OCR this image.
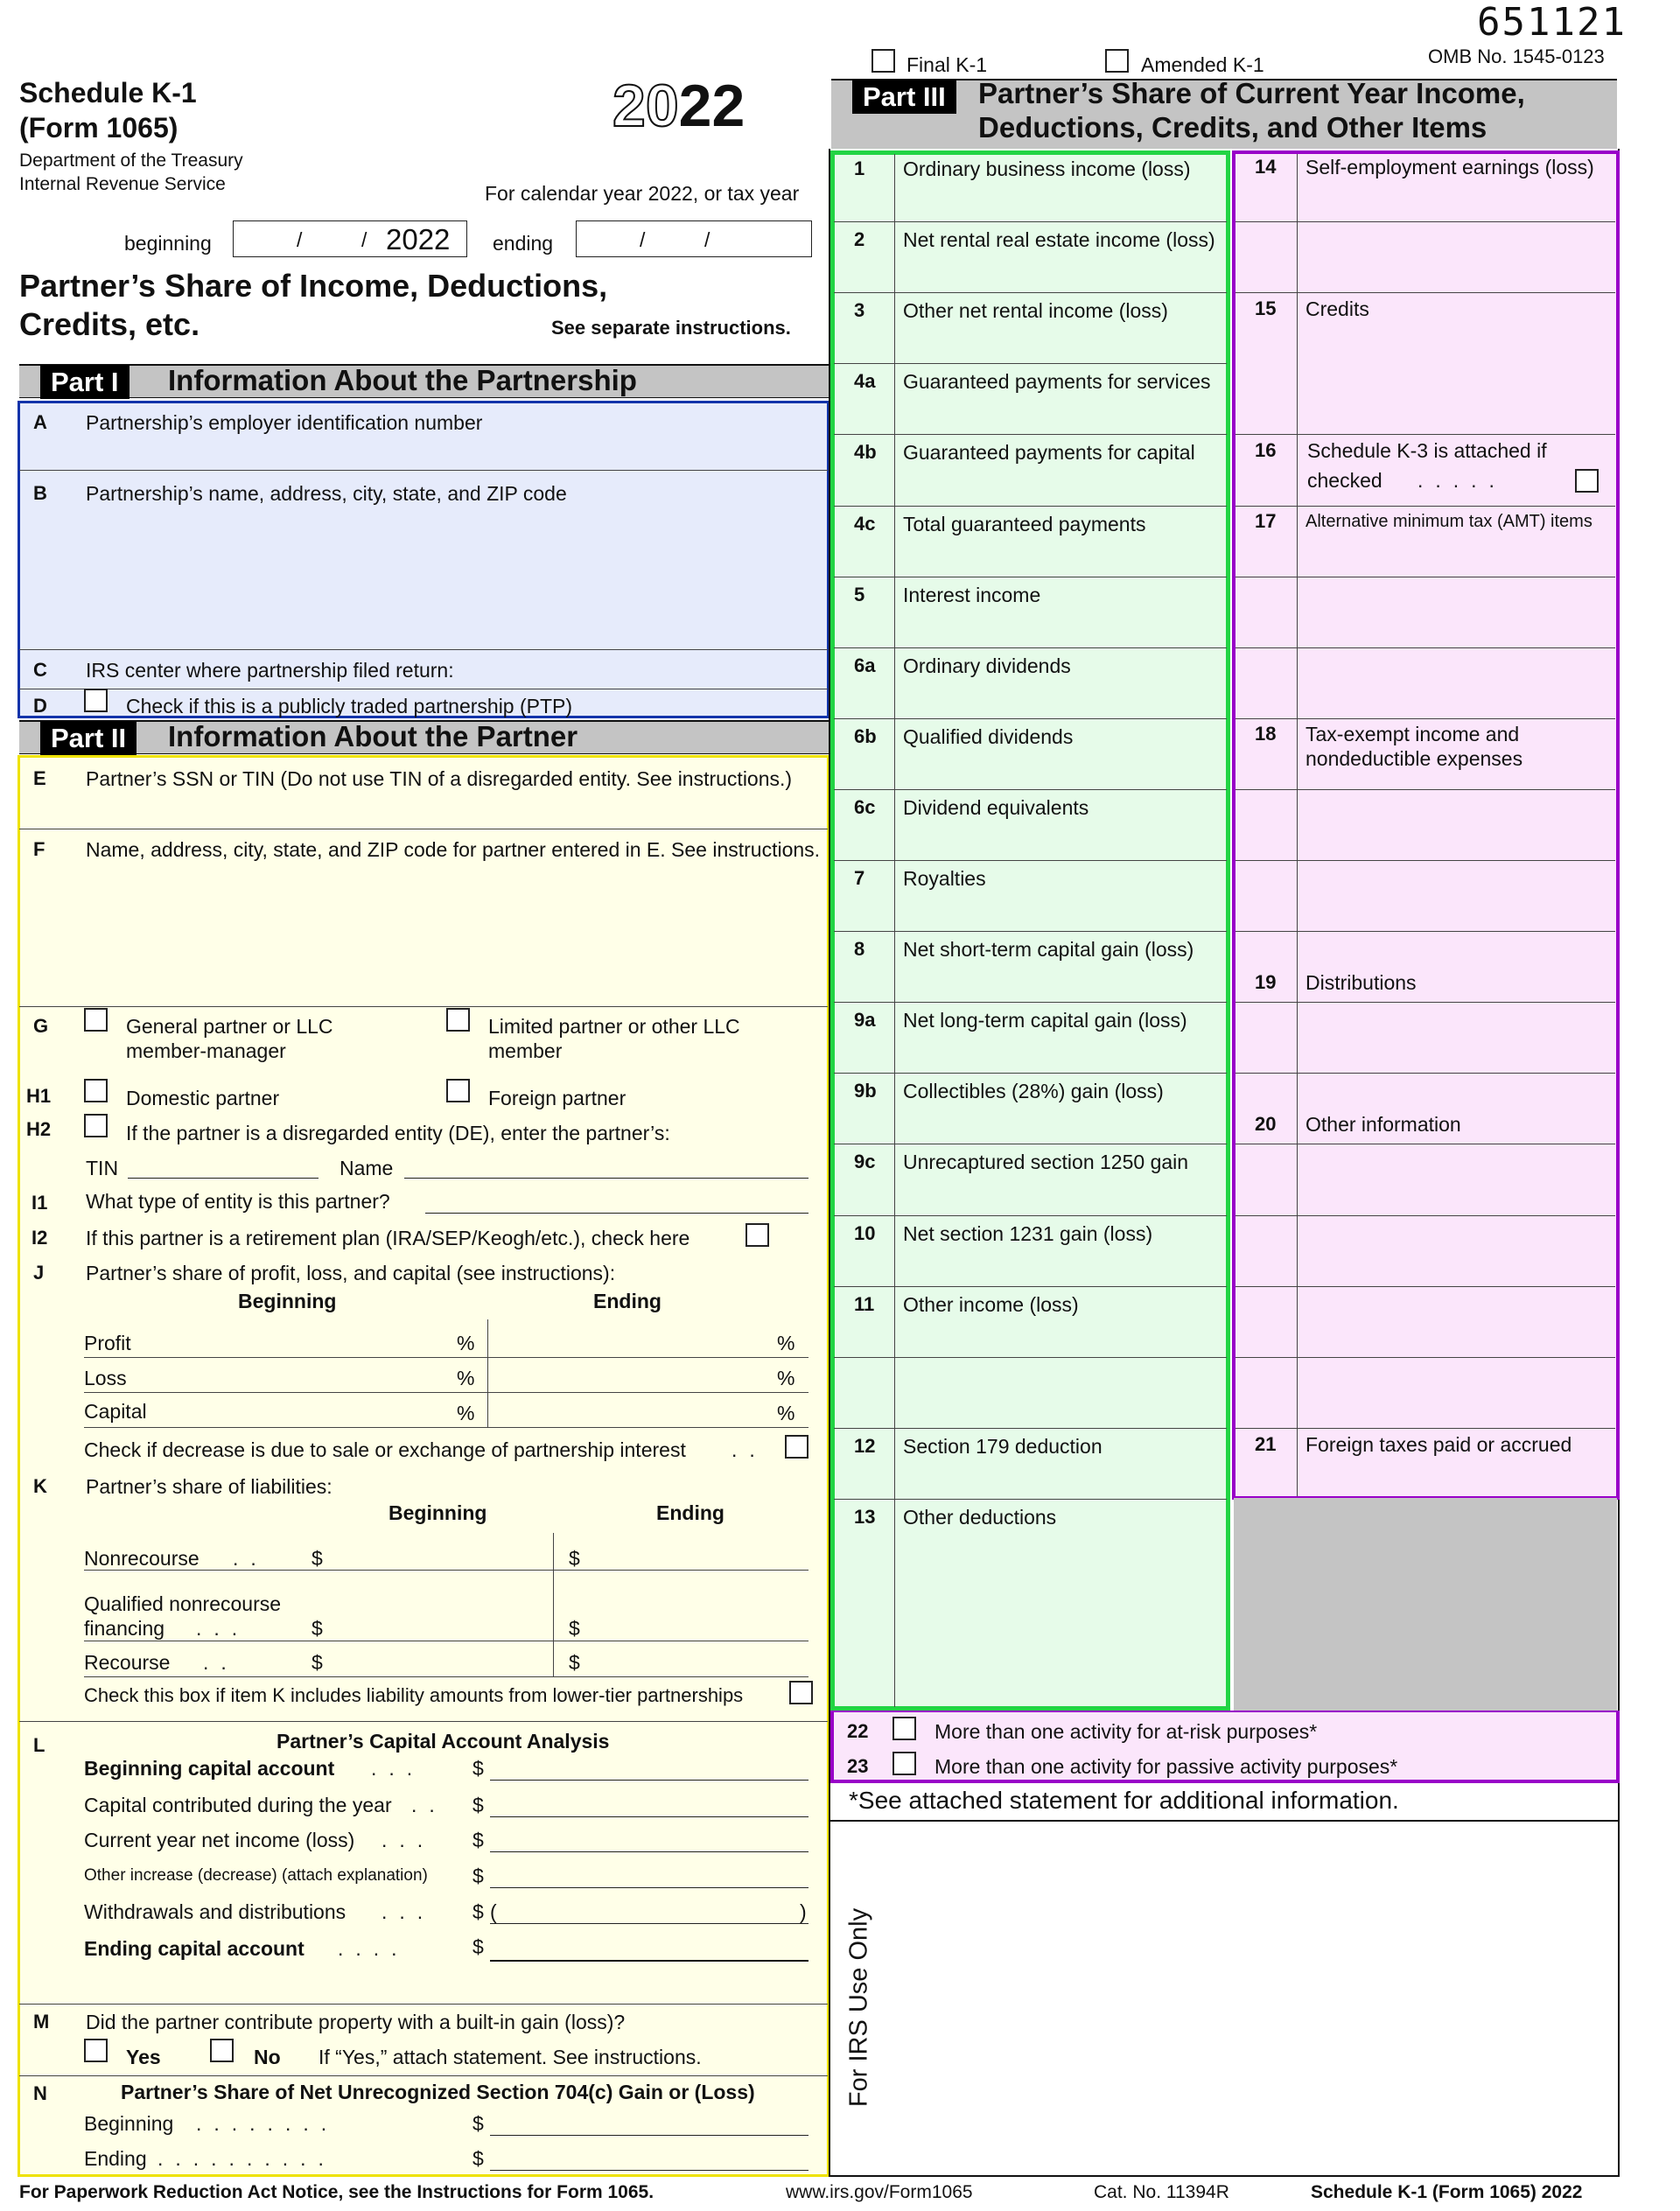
651121
OMB No. 1545-0123
Final K-1	Amended K-1
Schedule K-1
(Form 1065)
Department of the Treasury
Internal Revenue Service
2022
For calendar year 2022, or tax year
beginning	/	/ 2022 ending	/	/
Partner’s Share of Income, Deductions,
Credits, etc.	See separate instructions.
Part I	Information About the Partnership
A Partnership’s employer identification number
B Partnership’s name, address, city, state, and ZIP code
C IRS center where partnership filed return:
D	Check if this is a publicly traded partnership (PTP)
Part II	Information About the Partner
E Partner’s SSN or TIN (Do not use TIN of a disregarded entity. See instructions.)
F Name, address, city, state, and ZIP code for partner entered in E. See instructions.
G	General partner or LLC
member-manager
Limited partner or other LLC
member
H1	Domestic partner	Foreign partner
H2	If the partner is a disregarded entity (DE), enter the partner’s:
TIN	Name
I1 What type of entity is this partner?
I2 If this partner is a retirement plan (IRA/SEP/Keogh/etc.), check here
J Partner’s share of profit, loss, and capital (see instructions):
Beginning	Ending
Profit	%	%
Loss	%	%
Capital	%	%
Check if decrease is due to sale or exchange of partnership interest ..
K Partner’s share of liabilities:
Beginning	Ending
Nonrecourse .. $	$
Qualified nonrecourse
financing ...	$	$
Recourse ..	$	$
Check this box if item K includes liability amounts from lower-tier partnerships
L	Partner’s Capital Account Analysis
Beginning capital account ... $
Capital contributed during the year .. $
Current year net income (loss) ... $
Other increase (decrease) (attach explanation) $
Withdrawals and distributions ... $ (	)
Ending capital account ....	$
M Did the partner contribute property with a built-in gain (loss)?
Yes	No If “Yes,” attach statement. See instructions.
N	Partner’s Share of Net Unrecognized Section 704(c) Gain or (Loss)
Beginning ........	$
Ending ..........	$
Part III	Partner’s Share of Current Year Income,
Deductions, Credits, and Other Items
1 Ordinary business income (loss)
2 Net rental real estate income (loss)
3 Other net rental income (loss)
4a Guaranteed payments for services
4b Guaranteed payments for capital
4c Total guaranteed payments
5 Interest income
6a Ordinary dividends
6b Qualified dividends
6c Dividend equivalents
7 Royalties
8 Net short-term capital gain (loss)
9a Net long-term capital gain (loss)
9b Collectibles (28%) gain (loss)
9c Unrecaptured section 1250 gain
10 Net section 1231 gain (loss)
11 Other income (loss)
12 Section 179 deduction
13 Other deductions
14 Self-employment earnings (loss)
15 Credits
16 Schedule K-3 is attached if
checked .....
17 Alternative minimum tax (AMT) items
18 Tax-exempt income and
nondeductible expenses
19 Distributions
20 Other information
21 Foreign taxes paid or accrued
22	More than one activity for at-risk purposes*
23	More than one activity for passive activity purposes*
*See attached statement for additional information.
For IRS Use Only
For Paperwork Reduction Act Notice, see the Instructions for Form 1065.	www.irs.gov/Form1065	Cat. No. 11394R	Schedule K-1 (Form 1065) 2022
